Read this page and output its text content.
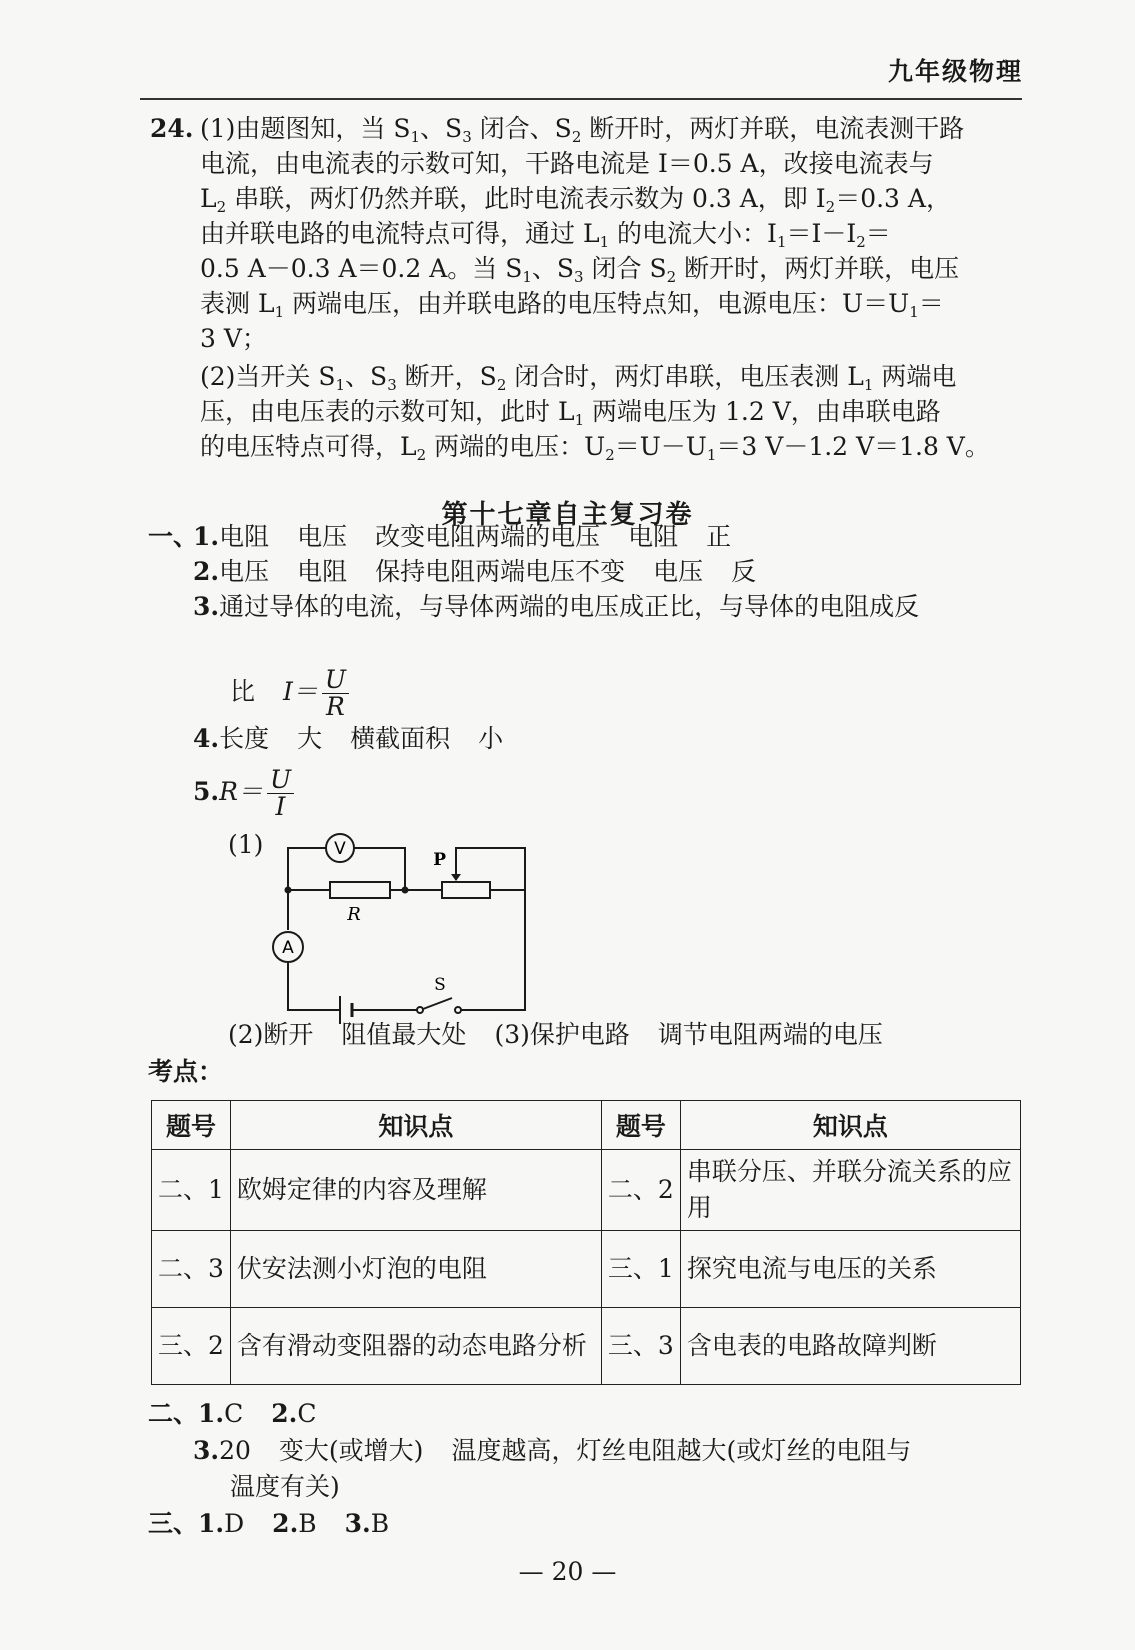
九年级物理
24. (1)由题图知，当 $S_1$、$S_3$ 闭合、$S_2$ 断开时，两灯并联，电流表测干路
电流，由电流表的示数可知，干路电流是 I＝0.5 A，改接电流表与
$L_2$ 串联，两灯仍然并联，此时电流表示数为 0.3 A，即 $I_2=0.3$ A，
由并联电路的电流特点可得，通过 $L_1$ 的电流大小：$I_1=I-I_2=$
0.5 A－0.3 A＝0.2 A。当 $S_1$、$S_3$ 闭合 $S_2$ 断开时，两灯并联，电压
表测 $L_1$ 两端电压，由并联电路的电压特点知，电源电压：$U=U_1=$
3 V；
(2)当开关 $S_1$、$S_3$ 断开，$S_2$ 闭合时，两灯串联，电压表测 $L_1$ 两端电
压，由电压表的示数可知，此时 $L_1$ 两端电压为 1.2 V，由串联电路
的电压特点可得，$L_2$ 两端的电压：$U_2=U-U_1=3$ V－1.2 V＝1.8 V。
第十七章自主复习卷
一、
1.电阻 电压 改变电阻两端的电压 电阻 正
2.电压 电阻 保持电阻两端电压不变 电压 反
3.通过导体的电流，与导体两端的电压成正比，与导体的电阻成反
比 $I= \frac{U}{R}$
4.长度 大 横截面积 小
$5.R= \frac{U}{I}$
(1)	V
R
P
A
S
(2)断开 阻值最大处 (3)保护电路 调节电阻两端的电压
考点：
题号	知识点	题号	知识点
二、1	欧姆定律的内容及理解	二、2	串联分压、并联分流关系的应用
二、3	伏安法测小灯泡的电阻	三、1	探究电流与电压的关系
三、2	含有滑动变阻器的动态电路分析	三、3	含电表的电路故障判断
二、1.C 2.C
3.20 变大(或增大) 温度越高，灯丝电阻越大(或灯丝的电阻与
温度有关)
三、1.D 2.B 3.B
— 20 —
